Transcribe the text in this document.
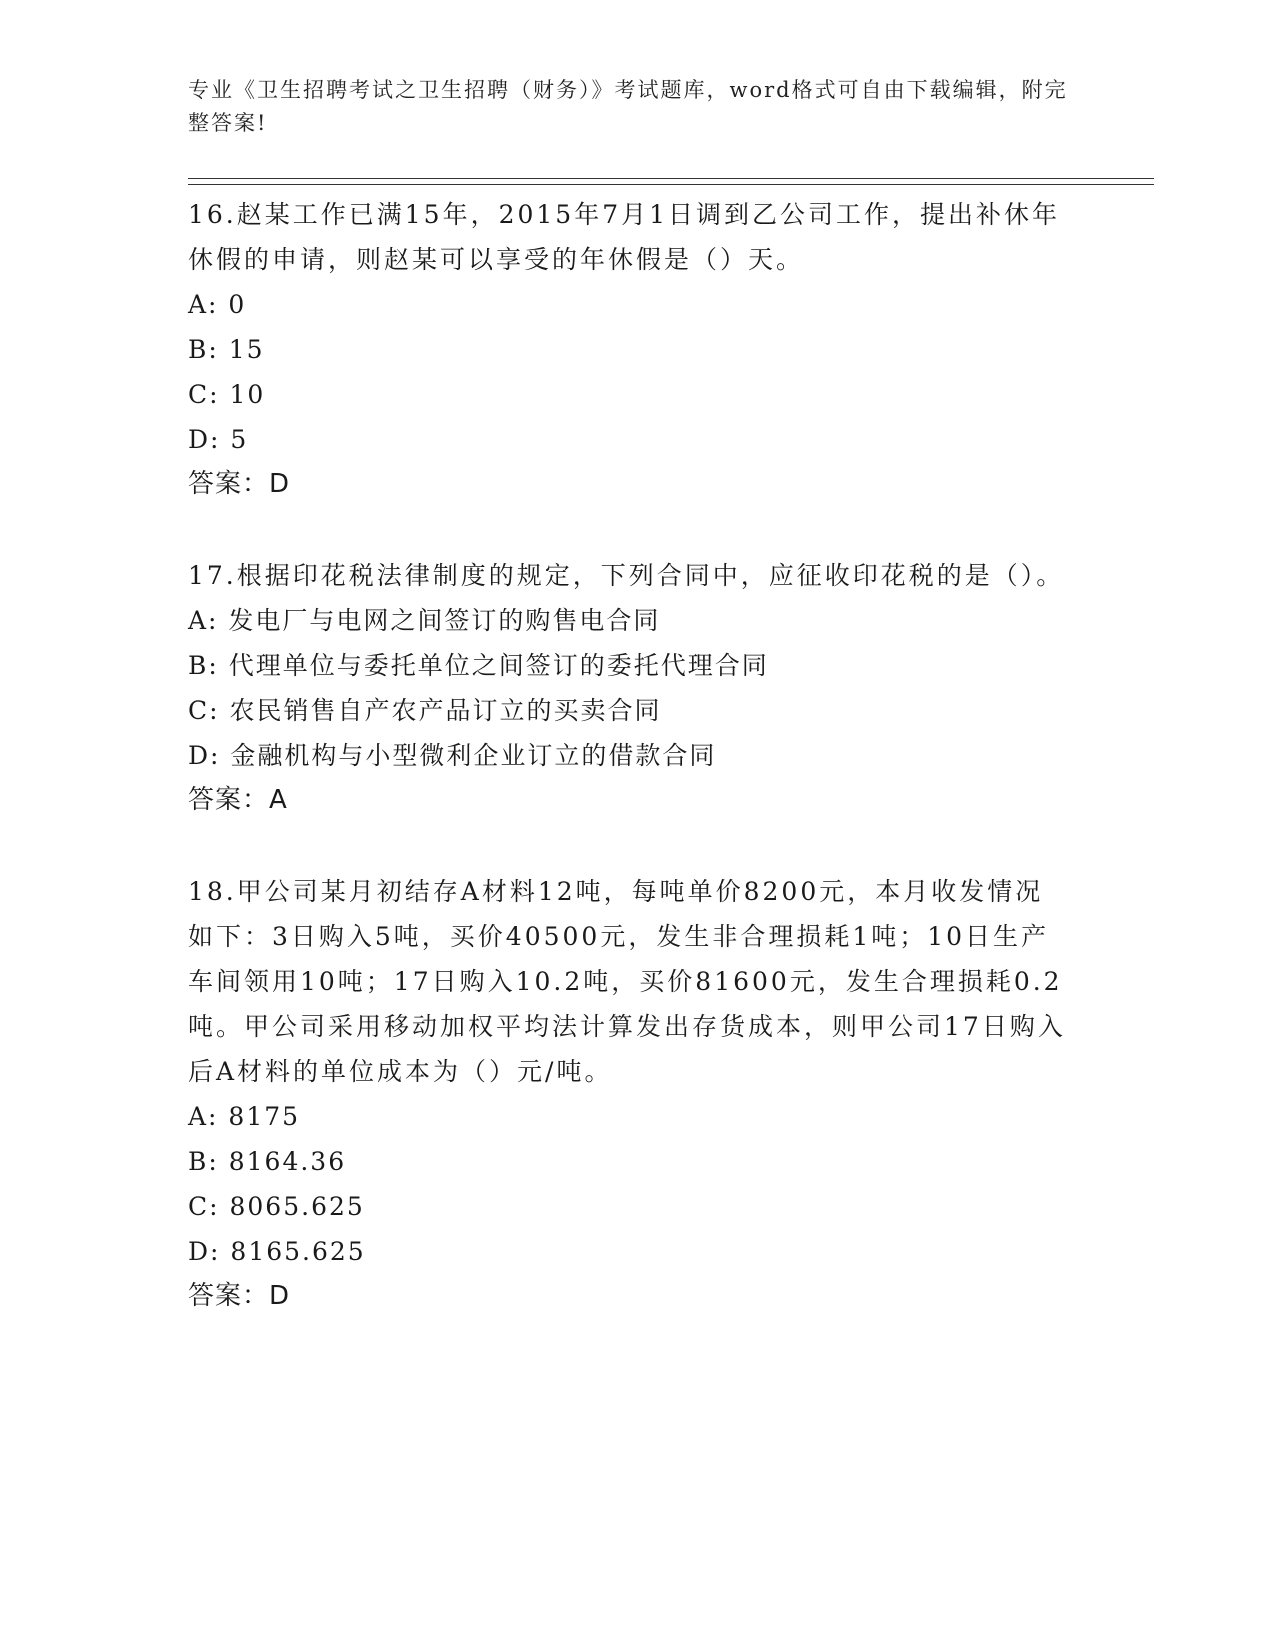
专业《卫生招聘考试之卫生招聘（财务）》考试题库，word格式可自由下载编辑，附完整答案!

16.赵某工作已满15年，2015年7月1日调到乙公司工作，提出补休年休假的申请，则赵某可以享受的年休假是（）天。

A: 0

B: 15

C: 10

D: 5

答案：D

17.根据印花税法律制度的规定，下列合同中，应征收印花税的是（）。

A: 发电厂与电网之间签订的购售电合同

B: 代理单位与委托单位之间签订的委托代理合同

C: 农民销售自产农产品订立的买卖合同

D: 金融机构与小型微利企业订立的借款合同

答案：A

18.甲公司某月初结存A材料12吨，每吨单价8200元，本月收发情况如下：3日购入5吨，买价40500元，发生非合理损耗1吨；10日生产车间领用10吨；17日购入10.2吨，买价81600元，发生合理损耗0.2吨。甲公司采用移动加权平均法计算发出存货成本，则甲公司17日购入后A材料的单位成本为（）元/吨。

A: 8175

B: 8164.36

C: 8065.625

D: 8165.625

答案：D
